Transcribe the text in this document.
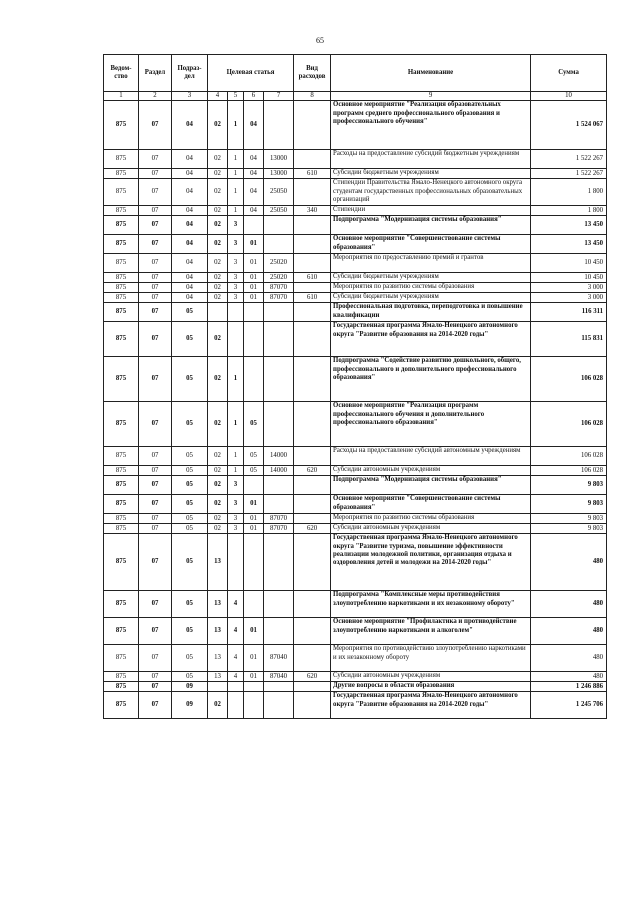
65
Ведом-ство	Раздел	Подраз-дел	Целевая статья				Вид расходов	Наименование	Сумма
1	2	3	4	5	6	7	8	9	10
875	07	04	02	1	04			Основное мероприятие "Реализация образовательных программ среднего профессионального образования и профессионального обучения"	1 524 067
875	07	04	02	1	04	13000		Расходы на предоставление субсидий бюджетным учреждениям	1 522 267
875	07	04	02	1	04	13000	610	Субсидии бюджетным учреждениям	1 522 267
875	07	04	02	1	04	25050		Стипендии Правительства Ямало-Ненецкого автономного округа студентам государственных профессиональных образовательных организаций	1 800
875	07	04	02	1	04	25050	340	Стипендии	1 800
875	07	04	02	3				Подпрограмма "Модернизация системы образования"	13 450
875	07	04	02	3	01			Основное мероприятие "Совершенствование системы образования"	13 450
875	07	04	02	3	01	25020		Мероприятия по предоставлению премий и грантов	10 450
875	07	04	02	3	01	25020	610	Субсидии бюджетным учреждениям	10 450
875	07	04	02	3	01	87070		Мероприятия по развитию системы образования	3 000
875	07	04	02	3	01	87070	610	Субсидии бюджетным учреждениям	3 000
875	07	05						Профессиональная подготовка, переподготовка и повышение квалификации	116 311
875	07	05	02					Государственная программа Ямало-Ненецкого автономного округа "Развитие образования на 2014-2020 годы"	115 831
875	07	05	02	1				Подпрограмма "Содействие развитию дошкольного, общего, профессионального и дополнительного профессионального образования"	106 028
875	07	05	02	1	05			Основное мероприятие "Реализация программ профессионального обучения и дополнительного профессионального образования"	106 028
875	07	05	02	1	05	14000		Расходы на предоставление субсидий автономным учреждениям	106 028
875	07	05	02	1	05	14000	620	Субсидии автономным учреждениям	106 028
875	07	05	02	3				Подпрограмма "Модернизация системы образования"	9 803
875	07	05	02	3	01			Основное мероприятие "Совершенствование системы образования"	9 803
875	07	05	02	3	01	87070		Мероприятия по развитию системы образования	9 803
875	07	05	02	3	01	87070	620	Субсидии автономным учреждениям	9 803
875	07	05	13					Государственная программа Ямало-Ненецкого автономного округа "Развитие туризма, повышение эффективности реализации молодежной политики, организация отдыха и оздоровления детей и молодежи на 2014-2020 годы"	480
875	07	05	13	4				Подпрограмма "Комплексные меры противодействия злоупотреблению наркотиками и их незаконному обороту"	480
875	07	05	13	4	01			Основное мероприятие "Профилактика и противодействие злоупотреблению наркотиками и алкоголем"	480
875	07	05	13	4	01	87040		Мероприятия по противодействию злоупотреблению наркотиками и их незаконному обороту	480
875	07	05	13	4	01	87040	620	Субсидии автономным учреждениям	480
875	07	09						Другие вопросы в области образования	1 246 886
875	07	09	02					Государственная программа Ямало-Ненецкого автономного округа "Развитие образования на 2014-2020 годы"	1 245 706
